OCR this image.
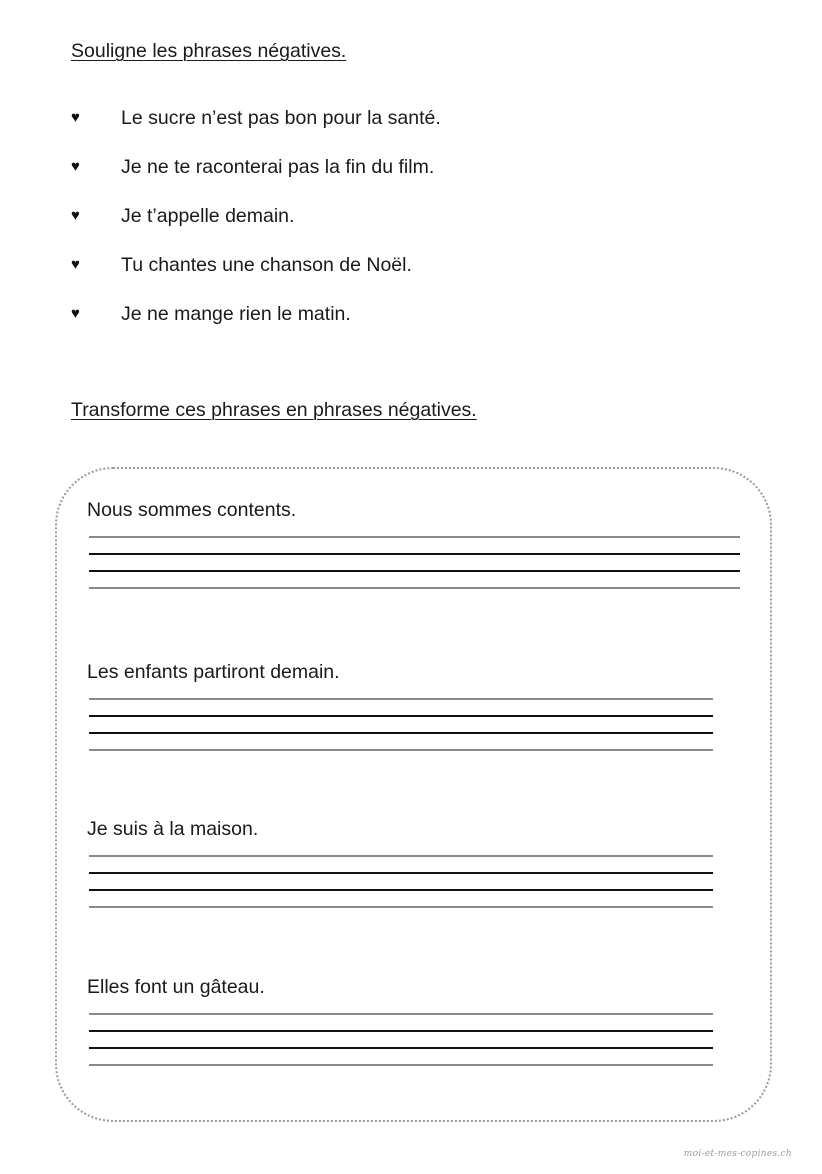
Souligne les phrases négatives.
♥	Le sucre n’est pas bon pour la santé.
♥	Je ne te raconterai pas la fin du film.
♥	Je t’appelle demain.
♥	Tu chantes une chanson de Noël.
♥	Je ne mange rien le matin.
Transforme ces phrases en phrases négatives.
Nous sommes contents.
Les enfants partiront demain.
Je suis à la maison.
Elles font un gâteau.
moi-et-mes-copines.ch
